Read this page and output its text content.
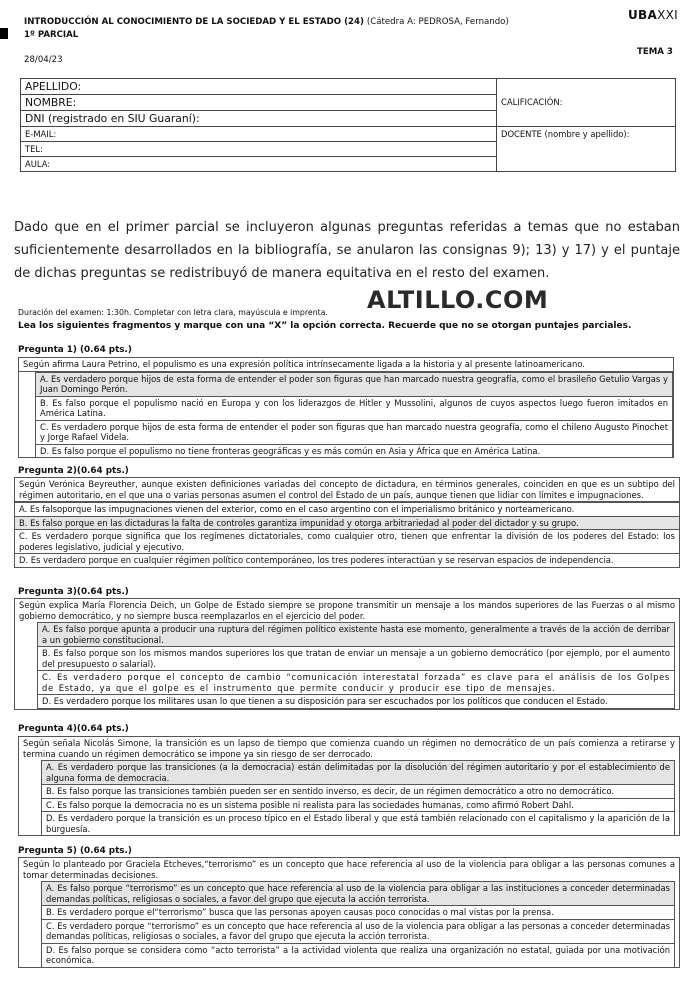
INTRODUCCIÓN AL CONOCIMIENTO DE LA SOCIEDAD Y EL ESTADO (24) (Cátedra A: PEDROSA, Fernando)
1º PARCIAL
28/04/23
UBAXXI
TEMA 3
APELLIDO:	CALIFICACIÓN:
NOMBRE:	
DNI (registrado en SIU Guaraní):	
E-MAIL:	DOCENTE (nombre y apellido):
TEL:	
AULA:	
Dado que en el primer parcial se incluyeron algunas preguntas referidas a temas que no estaban suficientemente desarrollados en la bibliografía, se anularon las consignas 9); 13) y 17) y el puntaje de dichas preguntas se redistribuyó de manera equitativa en el resto del examen.
ALTILLO.COM
Duración del examen: 1:30h. Completar con letra clara, mayúscula e imprenta.
Lea los siguientes fragmentos y marque con una “X” la opción correcta. Recuerde que no se otorgan puntajes parciales.
Pregunta 1) (0.64 pts.)
Según afirma Laura Petrino, el populismo es una expresión política intrínsecamente ligada a la historia y al presente latinoamericano.
A. Es verdadero porque hijos de esta forma de entender el poder son figuras que han marcado nuestra geografía, como el brasileño Getulio Vargas y Juan Domingo Perón.
B. Es falso porque el populismo nació en Europa y con los liderazgos de Hitler y Mussolini, algunos de cuyos aspectos luego fueron imitados en América Latina.
C. Es verdadero porque hijos de esta forma de entender el poder son figuras que han marcado nuestra geografía, como el chileno Augusto Pinochet y Jorge Rafael Videla.
D. Es falso porque el populismo no tiene fronteras geográficas y es más común en Asia y África que en América Latina.
Pregunta 2)(0.64 pts.)
Según Verónica Beyreuther, aunque existen definiciones variadas del concepto de dictadura, en términos generales, coinciden en que es un subtipo del régimen autoritario, en el que una o varias personas asumen el control del Estado de un país, aunque tienen que lidiar con límites e impugnaciones.
A. Es falsoporque las impugnaciones vienen del exterior, como en el caso argentino con el imperialismo británico y norteamericano.
B. Es falso porque en las dictaduras la falta de controles garantiza impunidad y otorga arbitrariedad al poder del dictador y su grupo.
C. Es verdadero porque significa que los regímenes dictatoriales, como cualquier otro, tienen que enfrentar la división de los poderes del Estado: los poderes legislativo, judicial y ejecutivo.
D. Es verdadero porque en cualquier régimen político contemporáneo, los tres poderes interactúan y se reservan espacios de independencia.
Pregunta 3)(0.64 pts.)
Según explica María Florencia Deich, un Golpe de Estado siempre se propone transmitir un mensaje a los mandos superiores de las Fuerzas o al mismo gobierno democrático, y no siempre busca reemplazarlos en el ejercicio del poder.
A. Es falso porque apunta a producir una ruptura del régimen político existente hasta ese momento, generalmente a través de la acción de derribar a un gobierno constitucional.
B. Es falso porque son los mismos mandos superiores los que tratan de enviar un mensaje a un gobierno democrático (por ejemplo, por el aumento del presupuesto o salarial).
C. Es verdadero porque el concepto de cambio “comunicación interestatal forzada” es clave para el análisis de los Golpes de Estado, ya que el golpe es el instrumento que permite conducir y producir ese tipo de mensajes.
D. Es verdadero porque los militares usan lo que tienen a su disposición para ser escuchados por los políticos que conducen el Estado.
Pregunta 4)(0.64 pts.)
Según señala Nicolás Simone, la transición es un lapso de tiempo que comienza cuando un régimen no democrático de un país comienza a retirarse y termina cuando un régimen democrático se impone ya sin riesgo de ser derrocado.
A. Es verdadero porque las transiciones (a la democracia) están delimitadas por la disolución del régimen autoritario y por el establecimiento de alguna forma de democracia.
B. Es falso porque las transiciones también pueden ser en sentido inverso, es decir, de un régimen democrático a otro no democrático.
C. Es falso porque la democracia no es un sistema posible ni realista para las sociedades humanas, como afirmó Robert Dahl.
D. Es verdadero porque la transición es un proceso típico en el Estado liberal y que está también relacionado con el capitalismo y la aparición de la burguesía.
Pregunta 5) (0.64 pts.)
Según lo planteado por Graciela Etcheves,“terrorismo” es un concepto que hace referencia al uso de la violencia para obligar a las personas comunes a tomar determinadas decisiones.
A. Es falso porque “terrorismo” es un concepto que hace referencia al uso de la violencia para obligar a las instituciones a conceder determinadas demandas políticas, religiosas o sociales, a favor del grupo que ejecuta la acción terrorista.
B. Es verdadero porque el“terrorismo” busca que las personas apoyen causas poco conocidas o mal vistas por la prensa.
C. Es verdadero porque “terrorismo” es un concepto que hace referencia al uso de la violencia para obligar a las personas a conceder determinadas demandas políticas, religiosas o sociales, a favor del grupo que ejecuta la acción terrorista.
D. Es falso porque se considera como “acto terrorista” a la actividad violenta que realiza una organización no estatal, guiada por una motivación económica.
